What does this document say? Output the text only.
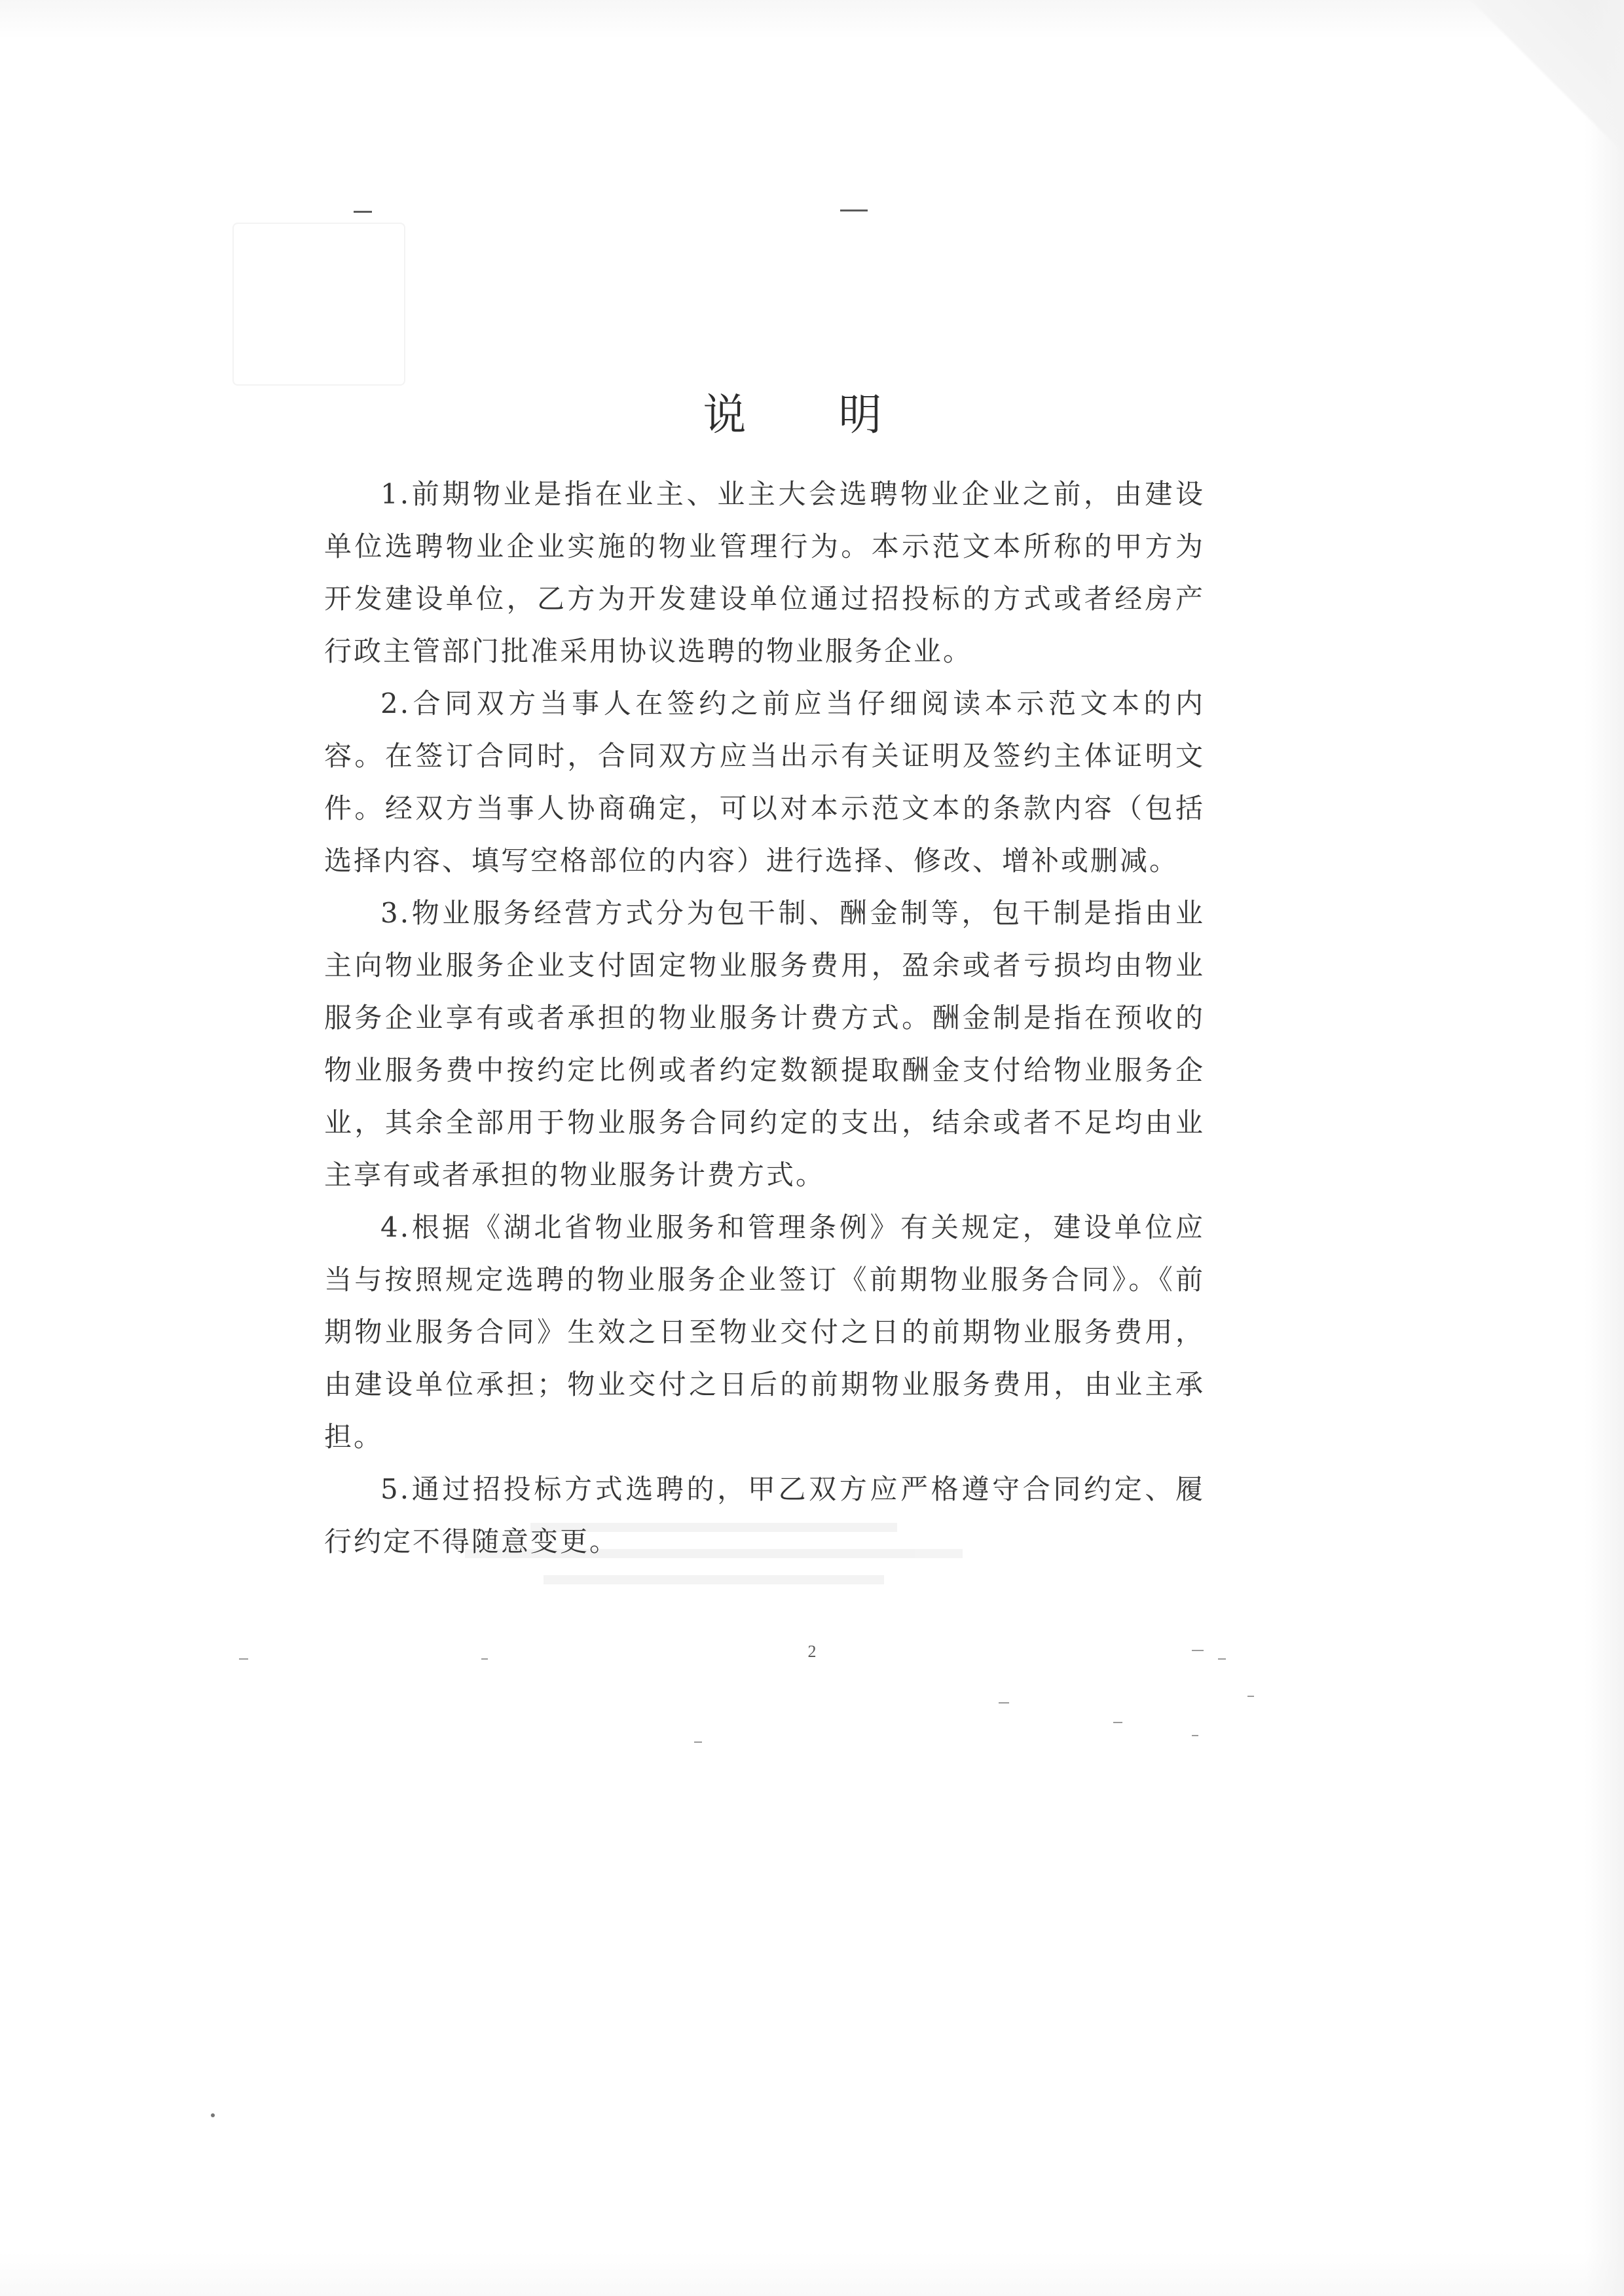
说 明

1.前期物业是指在业主、业主大会选聘物业企业之前，由建设单位选聘物业企业实施的物业管理行为。本示范文本所称的甲方为开发建设单位，乙方为开发建设单位通过招投标的方式或者经房产行政主管部门批准采用协议选聘的物业服务企业。

2.合同双方当事人在签约之前应当仔细阅读本示范文本的内容。在签订合同时，合同双方应当出示有关证明及签约主体证明文件。经双方当事人协商确定，可以对本示范文本的条款内容（包括选择内容、填写空格部位的内容）进行选择、修改、增补或删减。

3.物业服务经营方式分为包干制、酬金制等，包干制是指由业主向物业服务企业支付固定物业服务费用，盈余或者亏损均由物业服务企业享有或者承担的物业服务计费方式。酬金制是指在预收的物业服务费中按约定比例或者约定数额提取酬金支付给物业服务企业，其余全部用于物业服务合同约定的支出，结余或者不足均由业主享有或者承担的物业服务计费方式。

4.根据《湖北省物业服务和管理条例》有关规定，建设单位应当与按照规定选聘的物业服务企业签订《前期物业服务合同》。《前期物业服务合同》生效之日至物业交付之日的前期物业服务费用，由建设单位承担；物业交付之日后的前期物业服务费用，由业主承担。

5.通过招投标方式选聘的，甲乙双方应严格遵守合同约定、履行约定不得随意变更。

2
